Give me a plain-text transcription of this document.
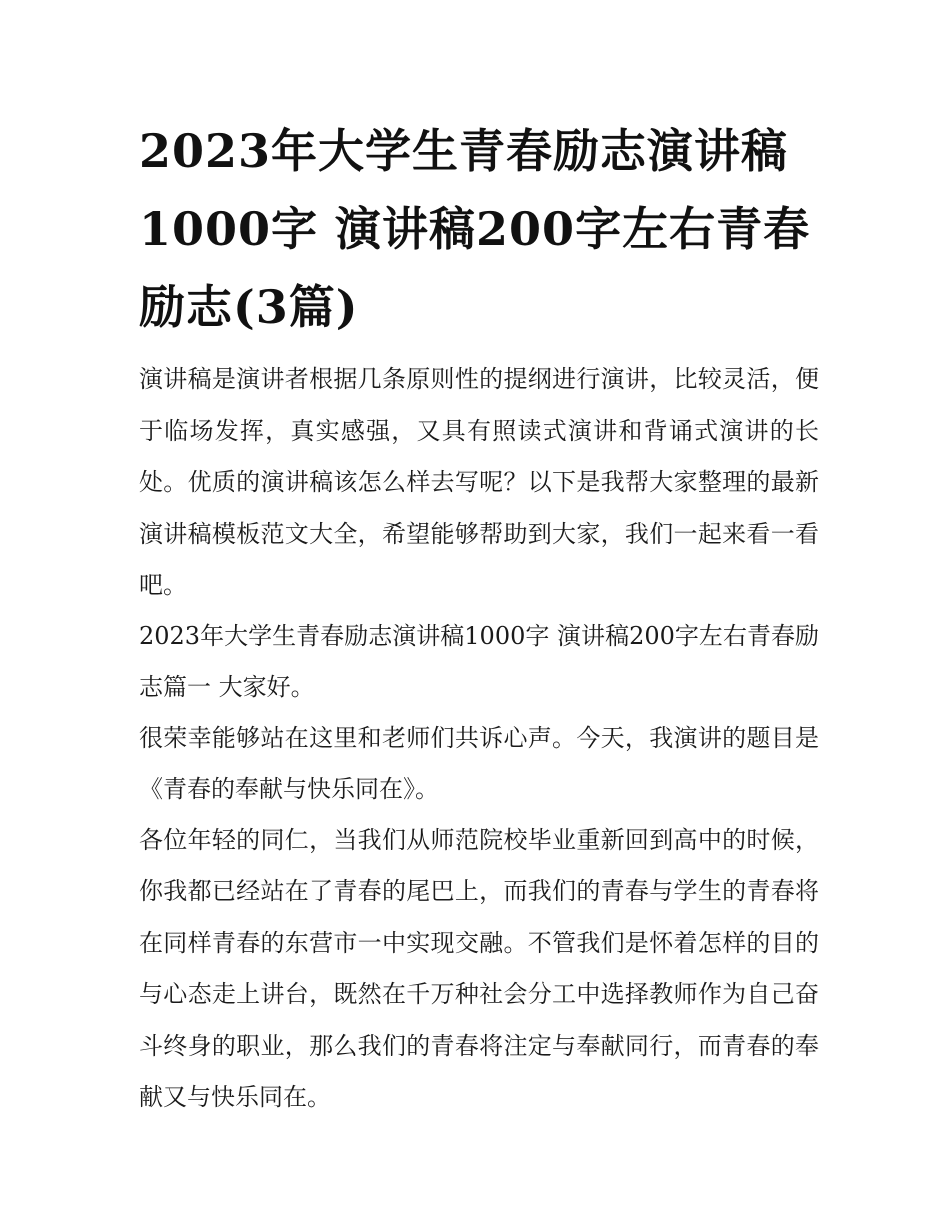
2023年大学生青春励志演讲稿1000字 演讲稿200字左右青春励志(3篇)

演讲稿是演讲者根据几条原则性的提纲进行演讲，比较灵活，便于临场发挥，真实感强，又具有照读式演讲和背诵式演讲的长处。优质的演讲稿该怎么样去写呢？以下是我帮大家整理的最新演讲稿模板范文大全，希望能够帮助到大家，我们一起来看一看吧。

2023年大学生青春励志演讲稿1000字 演讲稿200字左右青春励志篇一 大家好。

很荣幸能够站在这里和老师们共诉心声。今天，我演讲的题目是《青春的奉献与快乐同在》。

各位年轻的同仁，当我们从师范院校毕业重新回到高中的时候，你我都已经站在了青春的尾巴上，而我们的青春与学生的青春将在同样青春的东营市一中实现交融。不管我们是怀着怎样的目的与心态走上讲台，既然在千万种社会分工中选择教师作为自己奋斗终身的职业，那么我们的青春将注定与奉献同行，而青春的奉献又与快乐同在。
